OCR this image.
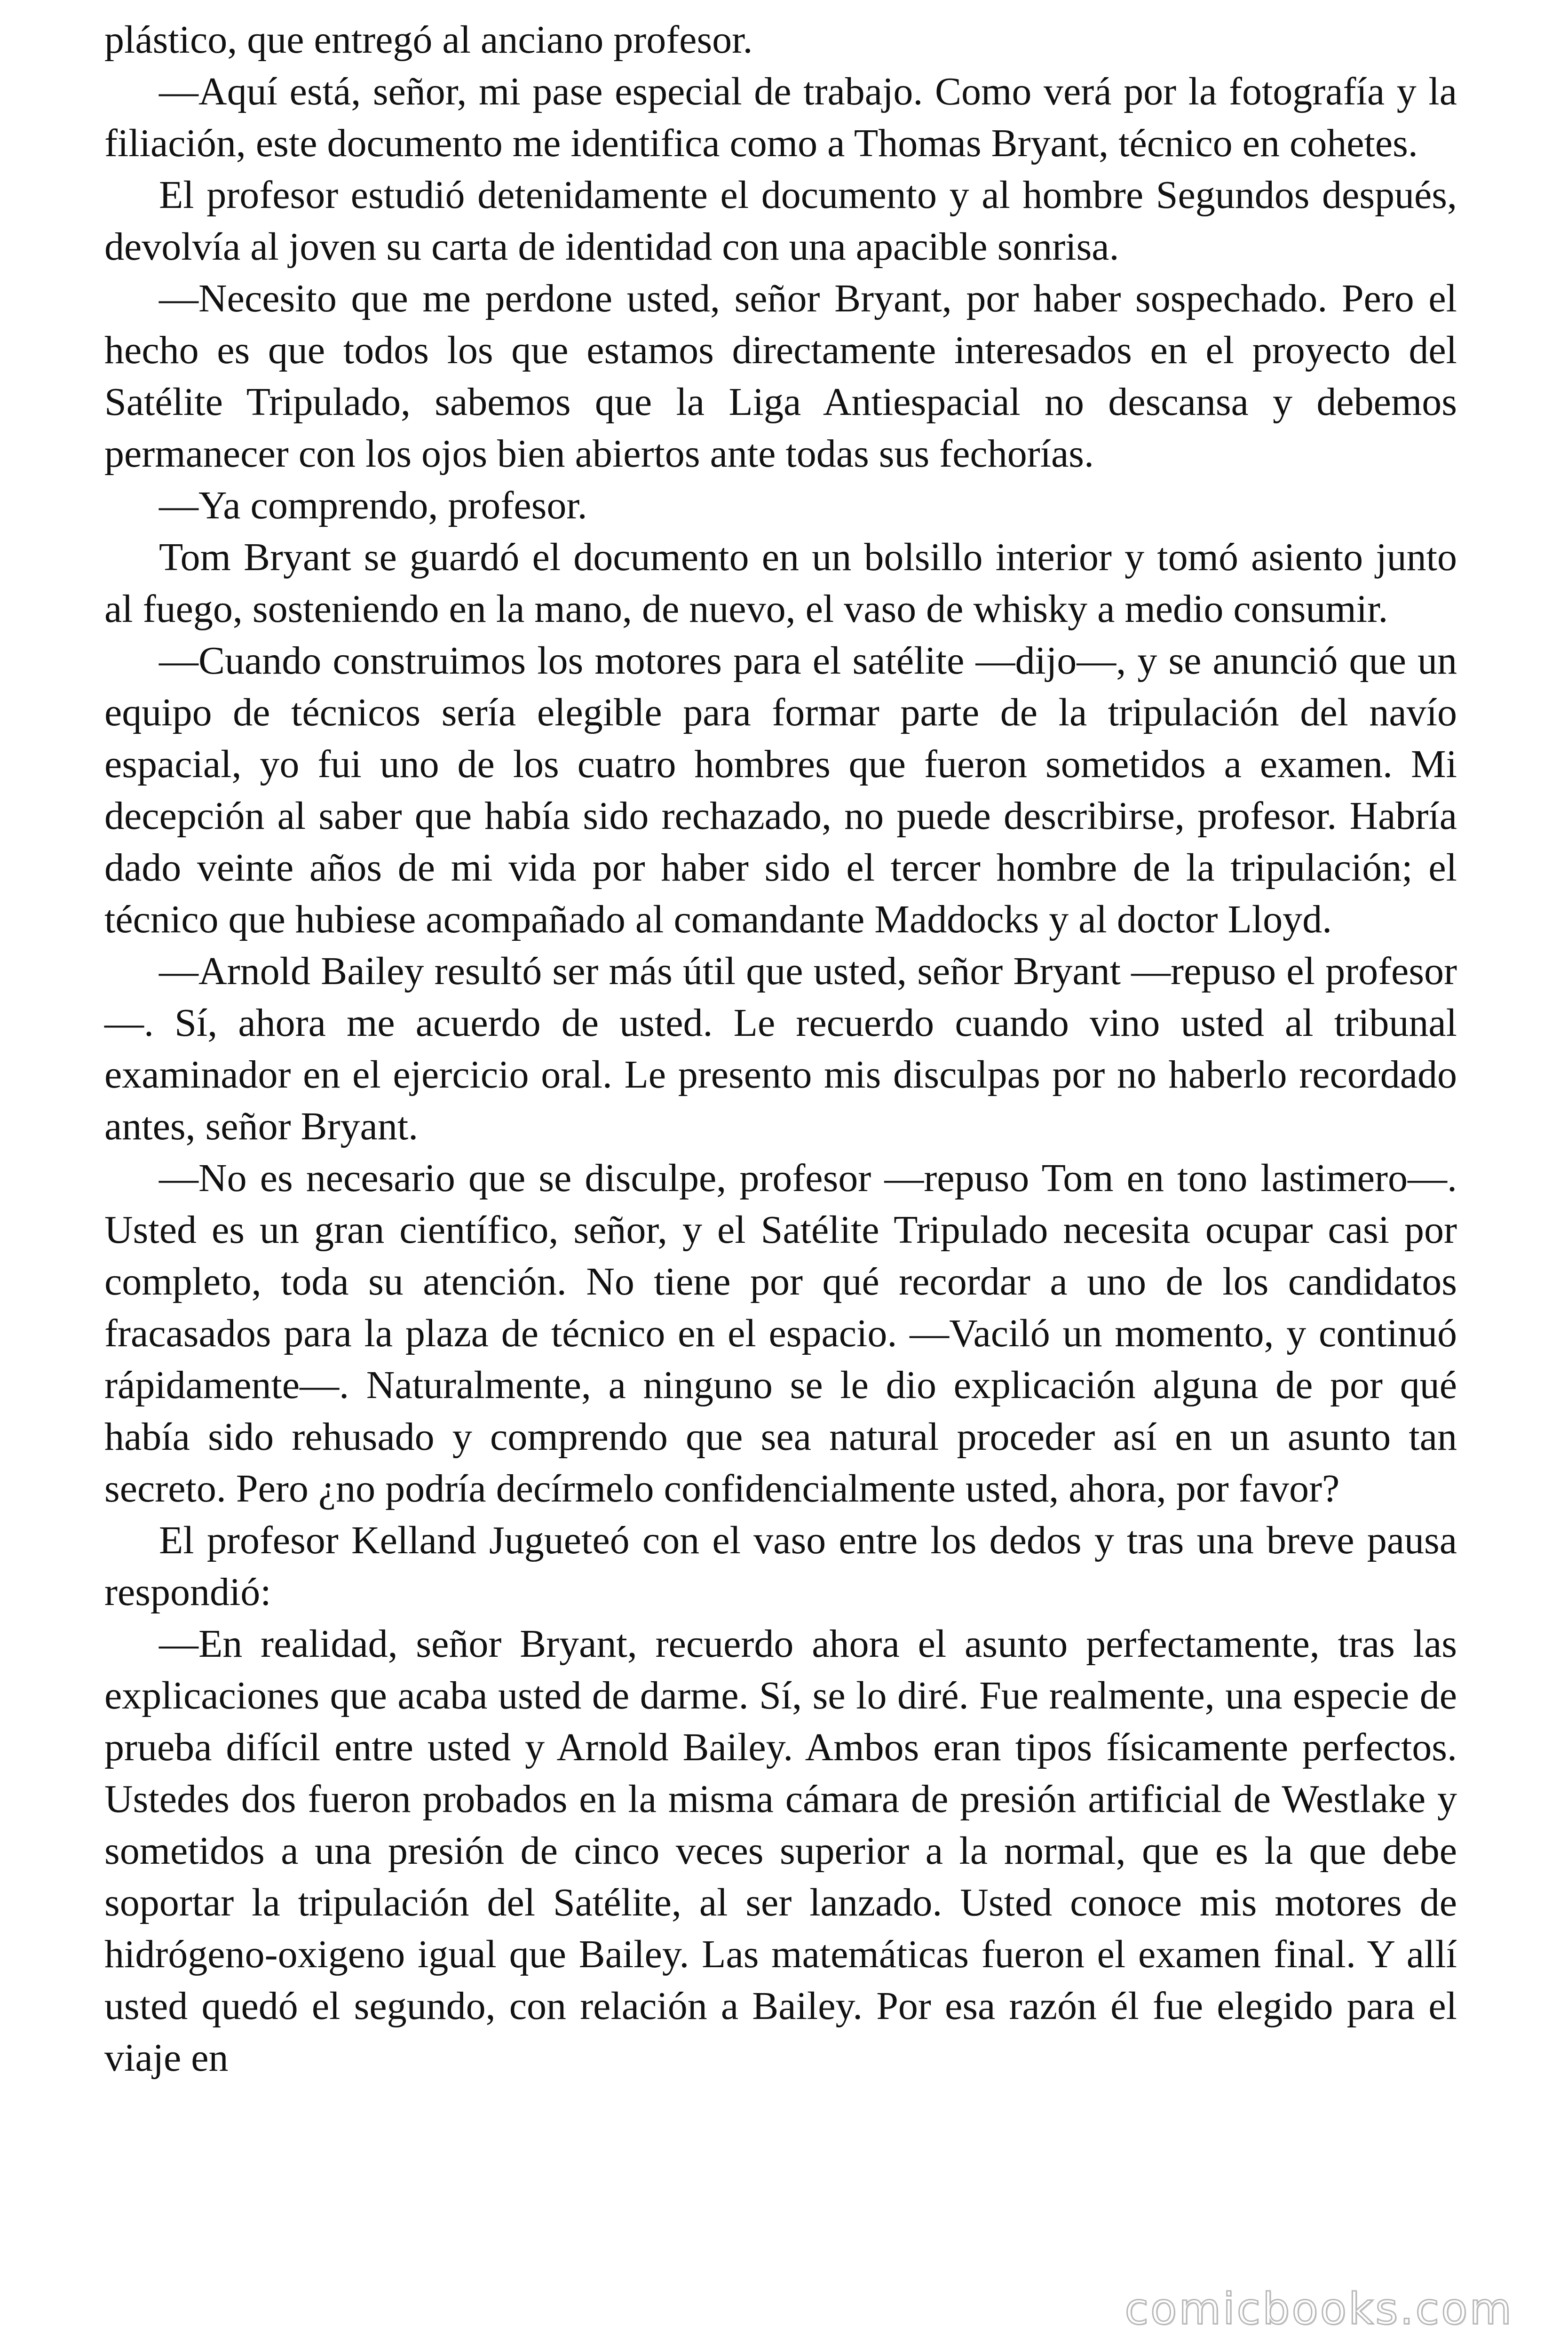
plástico, que entregó al anciano profesor.

—Aquí está, señor, mi pase especial de trabajo. Como verá por la fotografía y la filiación, este documento me identifica como a Thomas Bryant, técnico en cohetes.

El profesor estudió detenidamente el documento y al hombre Segundos después, devolvía al joven su carta de identidad con una apacible sonrisa.

—Necesito que me perdone usted, señor Bryant, por haber sospechado. Pero el hecho es que todos los que estamos directamente interesados en el proyecto del Satélite Tripulado, sabemos que la Liga Antiespacial no descansa y debemos permanecer con los ojos bien abiertos ante todas sus fechorías.

—Ya comprendo, profesor.

Tom Bryant se guardó el documento en un bolsillo interior y tomó asiento junto al fuego, sosteniendo en la mano, de nuevo, el vaso de whisky a medio consumir.

—Cuando construimos los motores para el satélite —dijo—, y se anunció que un equipo de técnicos sería elegible para formar parte de la tripulación del navío espacial, yo fui uno de los cuatro hombres que fueron sometidos a examen. Mi decepción al saber que había sido rechazado, no puede describirse, profesor. Habría dado veinte años de mi vida por haber sido el tercer hombre de la tripulación; el técnico que hubiese acompañado al comandante Maddocks y al doctor Lloyd.

—Arnold Bailey resultó ser más útil que usted, señor Bryant —repuso el profesor—. Sí, ahora me acuerdo de usted. Le recuerdo cuando vino usted al tribunal examinador en el ejercicio oral. Le presento mis disculpas por no haberlo recordado antes, señor Bryant.

—No es necesario que se disculpe, profesor —repuso Tom en tono lastimero—. Usted es un gran científico, señor, y el Satélite Tripulado necesita ocupar casi por completo, toda su atención. No tiene por qué recordar a uno de los candidatos fracasados para la plaza de técnico en el espacio. —Vaciló un momento, y continuó rápidamente—. Naturalmente, a ninguno se le dio explicación alguna de por qué había sido rehusado y comprendo que sea natural proceder así en un asunto tan secreto. Pero ¿no podría decírmelo confidencialmente usted, ahora, por favor?

El profesor Kelland Jugueteó con el vaso entre los dedos y tras una breve pausa respondió:

—En realidad, señor Bryant, recuerdo ahora el asunto perfectamente, tras las explicaciones que acaba usted de darme. Sí, se lo diré. Fue realmente, una especie de prueba difícil entre usted y Arnold Bailey. Ambos eran tipos físicamente perfectos. Ustedes dos fueron probados en la misma cámara de presión artificial de Westlake y sometidos a una presión de cinco veces superior a la normal, que es la que debe soportar la tripulación del Satélite, al ser lanzado. Usted conoce mis motores de hidrógeno-oxigeno igual que Bailey. Las matemáticas fueron el examen final. Y allí usted quedó el segundo, con relación a Bailey. Por esa razón él fue elegido para el viaje en

comicbooks.com
